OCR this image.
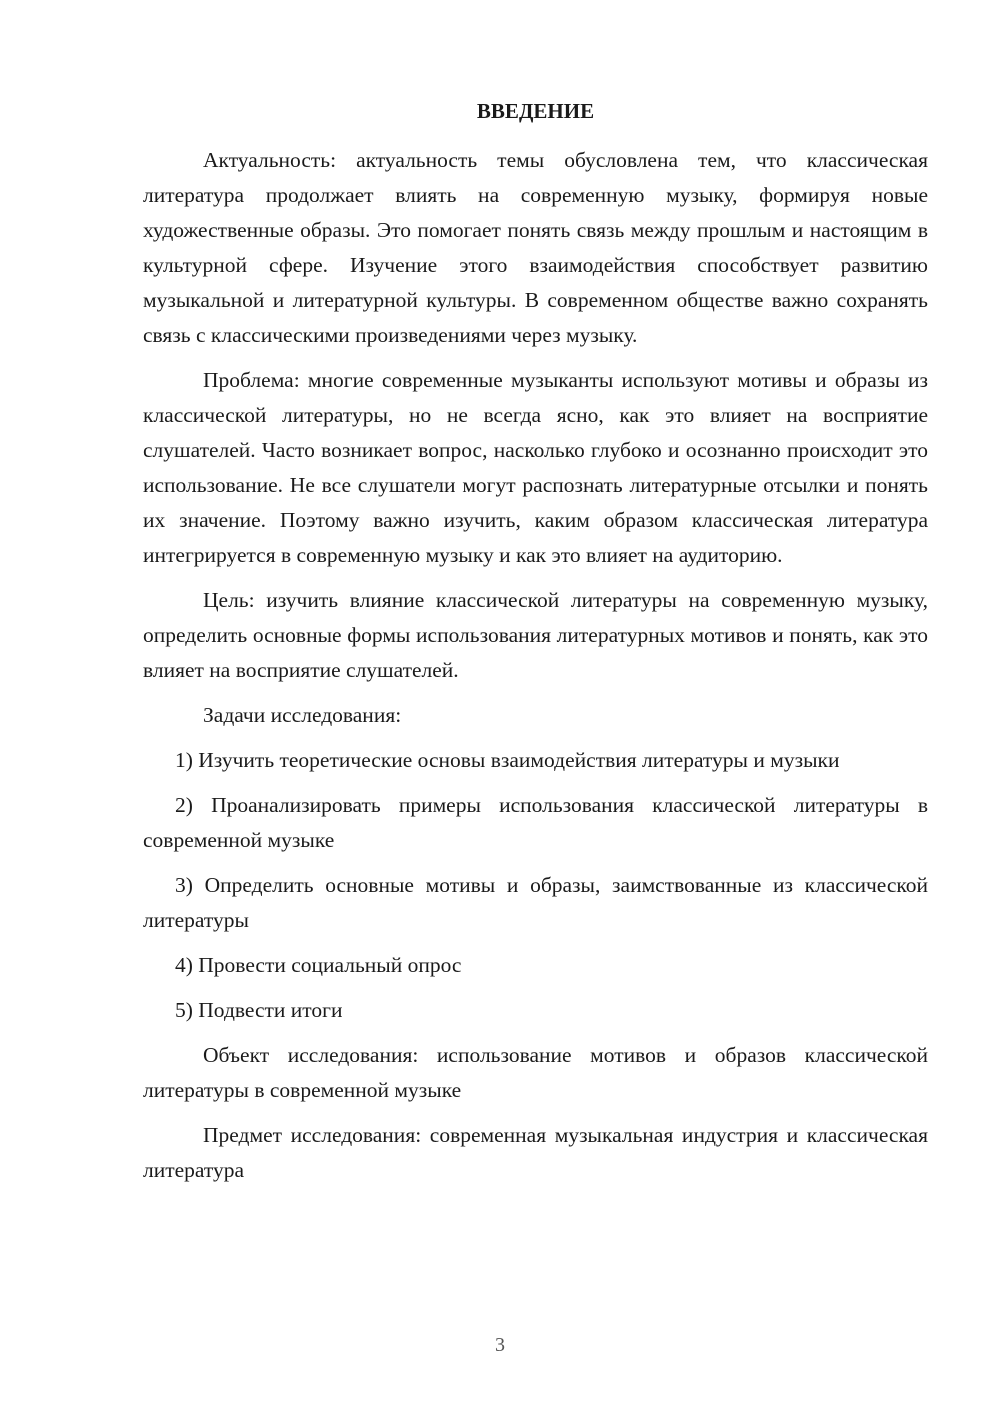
ВВЕДЕНИЕ

Актуальность: актуальность темы обусловлена тем, что классическая литература продолжает влиять на современную музыку, формируя новые художественные образы. Это помогает понять связь между прошлым и настоящим в культурной сфере. Изучение этого взаимодействия способствует развитию музыкальной и литературной культуры. В современном обществе важно сохранять связь с классическими произведениями через музыку.

Проблема: многие современные музыканты используют мотивы и образы из классической литературы, но не всегда ясно, как это влияет на восприятие слушателей. Часто возникает вопрос, насколько глубоко и осознанно происходит это использование. Не все слушатели могут распознать литературные отсылки и понять их значение. Поэтому важно изучить, каким образом классическая литература интегрируется в современную музыку и как это влияет на аудиторию.

Цель: изучить влияние классической литературы на современную музыку, определить основные формы использования литературных мотивов и понять, как это влияет на восприятие слушателей.

Задачи исследования:

1) Изучить теоретические основы взаимодействия литературы и музыки

2) Проанализировать примеры использования классической литературы в современной музыке

3) Определить основные мотивы и образы, заимствованные из классической литературы

4) Провести социальный опрос

5) Подвести итоги

Объект исследования: использование мотивов и образов классической литературы в современной музыке

Предмет исследования: современная музыкальная индустрия и классическая литература

3
